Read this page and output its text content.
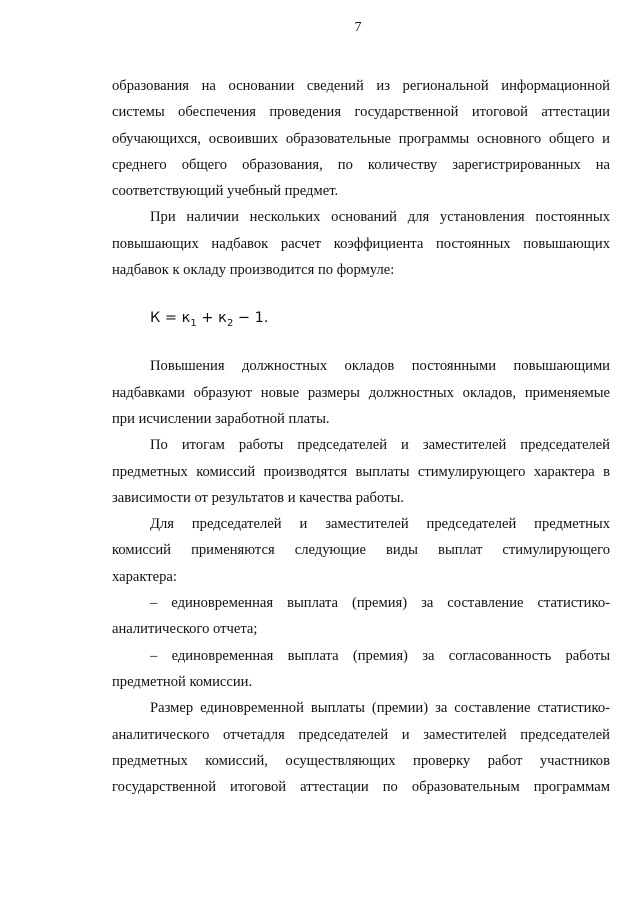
7
образования на основании сведений из региональной информационной
системы обеспечения проведения государственной итоговой аттестации
обучающихся, освоивших образовательные программы основного общего и
среднего общего образования, по количеству зарегистрированных на
соответствующий учебный предмет.
При наличии нескольких оснований для установления постоянных
повышающих надбавок расчет коэффициента постоянных повышающих
надбавок к окладу производится по формуле:
$К = к_1 + к_2 - 1$.
Повышения должностных окладов постоянными повышающими
надбавками образуют новые размеры должностных окладов, применяемые
при исчислении заработной платы.
По итогам работы председателей и заместителей председателей
предметных комиссий производятся выплаты стимулирующего характера в
зависимости от результатов и качества работы.
Для председателей и заместителей председателей предметных
комиссий применяются следующие виды выплат стимулирующего
характера:
– единовременная выплата (премия) за составление статистико-
аналитического отчета;
– единовременная выплата (премия) за согласованность работы
предметной комиссии.
Размер единовременной выплаты (премии) за составление статистико-
аналитического отчетадля председателей и заместителей председателей
предметных комиссий, осуществляющих проверку работ участников
государственной итоговой аттестации по образовательным программам
